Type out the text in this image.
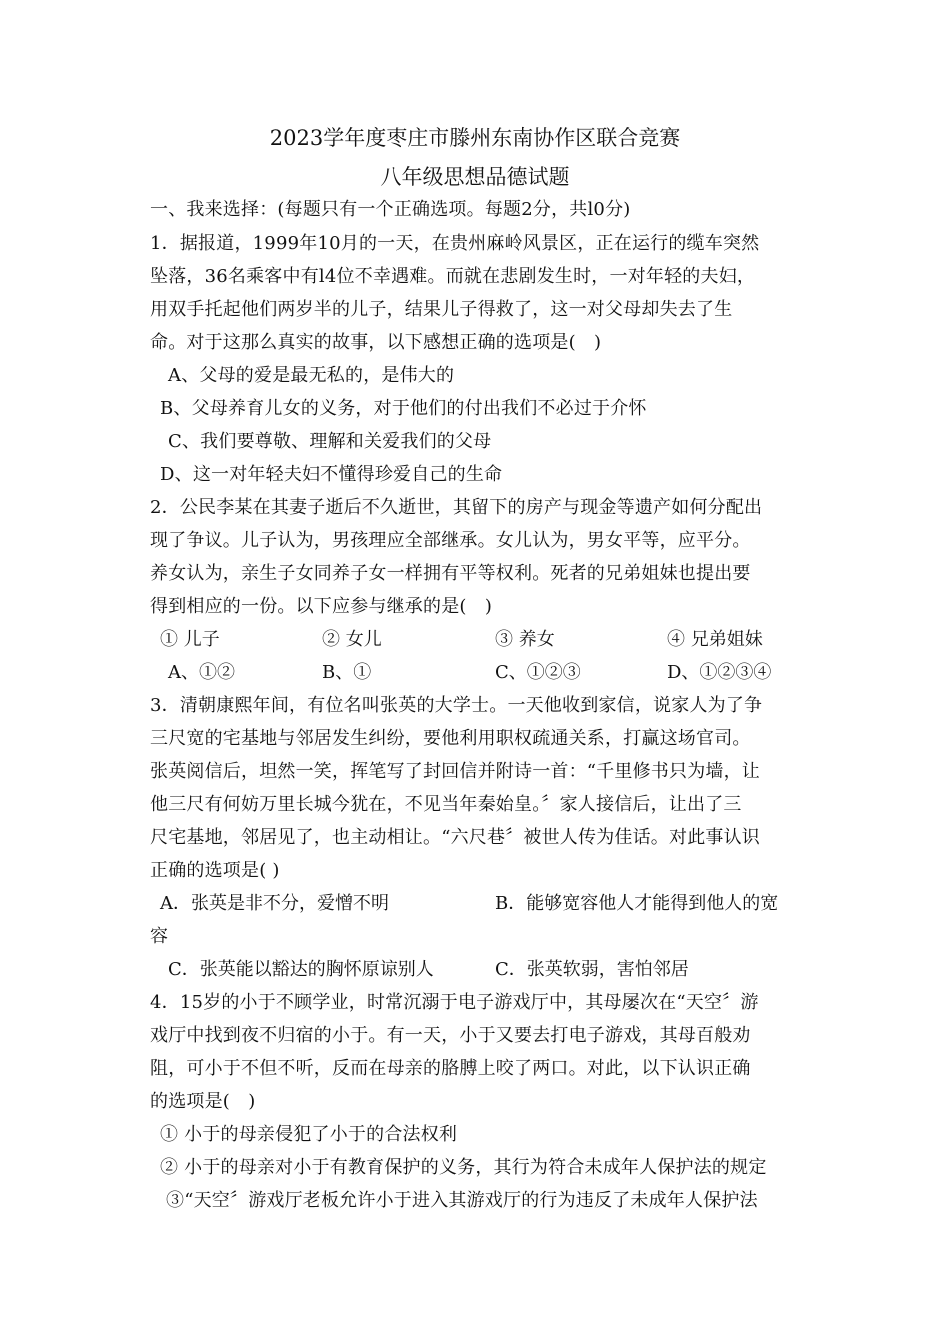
2023学年度枣庄市滕州东南协作区联合竞赛
八年级思想品德试题
一、我来选择：(每题只有一个正确选项。每题2分，共l0分)
1．据报道，1999年10月的一天，在贵州麻岭风景区，正在运行的缆车突然
坠落，36名乘客中有l4位不幸遇难。而就在悲剧发生时，一对年轻的夫妇，
用双手托起他们两岁半的儿子，结果儿子得救了，这一对父母却失去了生
命。对于这那么真实的故事，以下感想正确的选项是(　)
A、父母的爱是最无私的，是伟大的
B、父母养育儿女的义务，对于他们的付出我们不必过于介怀
C、我们要尊敬、理解和关爱我们的父母
D、这一对年轻夫妇不懂得珍爱自己的生命
2．公民李某在其妻子逝后不久逝世，其留下的房产与现金等遗产如何分配出
现了争议。儿子认为，男孩理应全部继承。女儿认为，男女平等，应平分。
养女认为，亲生子女同养子女一样拥有平等权利。死者的兄弟姐妹也提出要
得到相应的一份。以下应参与继承的是(　)
① 儿子	② 女儿	③ 养女	④ 兄弟姐妹
A、①②	B、①	C、①②③	D、①②③④
3．清朝康熙年间，有位名叫张英的大学士。一天他收到家信，说家人为了争
三尺宽的宅基地与邻居发生纠纷，要他利用职权疏通关系，打赢这场官司。
张英阅信后，坦然一笑，挥笔写了封回信并附诗一首：“千里修书只为墙，让
他三尺有何妨万里长城今犹在，不见当年秦始皇。〞家人接信后，让出了三
尺宅基地，邻居见了，也主动相让。“六尺巷〞被世人传为佳话。对此事认识
正确的选项是( )
A．张英是非不分，爱憎不明	B．能够宽容他人才能得到他人的宽
容
C．张英能以豁达的胸怀原谅别人	C．张英软弱，害怕邻居
4．15岁的小于不顾学业，时常沉溺于电子游戏厅中，其母屡次在“天空〞游
戏厅中找到夜不归宿的小于。有一天，小于又要去打电子游戏，其母百般劝
阻，可小于不但不听，反而在母亲的胳膊上咬了两口。对此，以下认识正确
的选项是(　)
① 小于的母亲侵犯了小于的合法权利
② 小于的母亲对小于有教育保护的义务，其行为符合未成年人保护法的规定
③“天空〞游戏厅老板允许小于进入其游戏厅的行为违反了未成年人保护法
